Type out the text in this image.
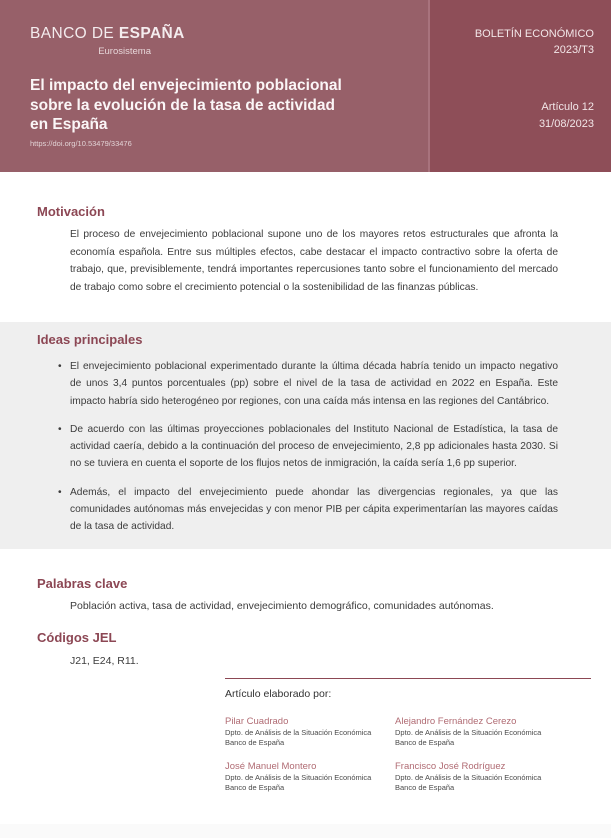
BOLETÍN ECONÓMICO
2023/T3
Artículo 12
31/08/2023
BANCO DE ESPAÑA
Eurosistema
El impacto del envejecimiento poblacional
sobre la evolución de la tasa de actividad
en España
https://doi.org/10.53479/33476
Motivación
El proceso de envejecimiento poblacional supone uno de los mayores retos estructurales que afronta la economía española. Entre sus múltiples efectos, cabe destacar el impacto contractivo sobre la oferta de trabajo, que, previsiblemente, tendrá importantes repercusiones tanto sobre el funcionamiento del mercado de trabajo como sobre el crecimiento potencial o la sostenibilidad de las finanzas públicas.
Ideas principales
• El envejecimiento poblacional experimentado durante la última década habría tenido un impacto negativo de unos 3,4 puntos porcentuales (pp) sobre el nivel de la tasa de actividad en 2022 en España. Este impacto habría sido heterogéneo por regiones, con una caída más intensa en las regiones del Cantábrico.
• De acuerdo con las últimas proyecciones poblacionales del Instituto Nacional de Estadística, la tasa de actividad caería, debido a la continuación del proceso de envejecimiento, 2,8 pp adicionales hasta 2030. Si no se tuviera en cuenta el soporte de los flujos netos de inmigración, la caída sería 1,6 pp superior.
• Además, el impacto del envejecimiento puede ahondar las divergencias regionales, ya que las comunidades autónomas más envejecidas y con menor PIB per cápita experimentarían las mayores caídas de la tasa de actividad.
Palabras clave
Población activa, tasa de actividad, envejecimiento demográfico, comunidades autónomas.
Códigos JEL
J21, E24, R11.
Artículo elaborado por:
Pilar Cuadrado
Dpto. de Análisis de la Situación Económica
Banco de España
Alejandro Fernández Cerezo
Dpto. de Análisis de la Situación Económica
Banco de España
José Manuel Montero
Dpto. de Análisis de la Situación Económica
Banco de España
Francisco José Rodríguez
Dpto. de Análisis de la Situación Económica
Banco de España
